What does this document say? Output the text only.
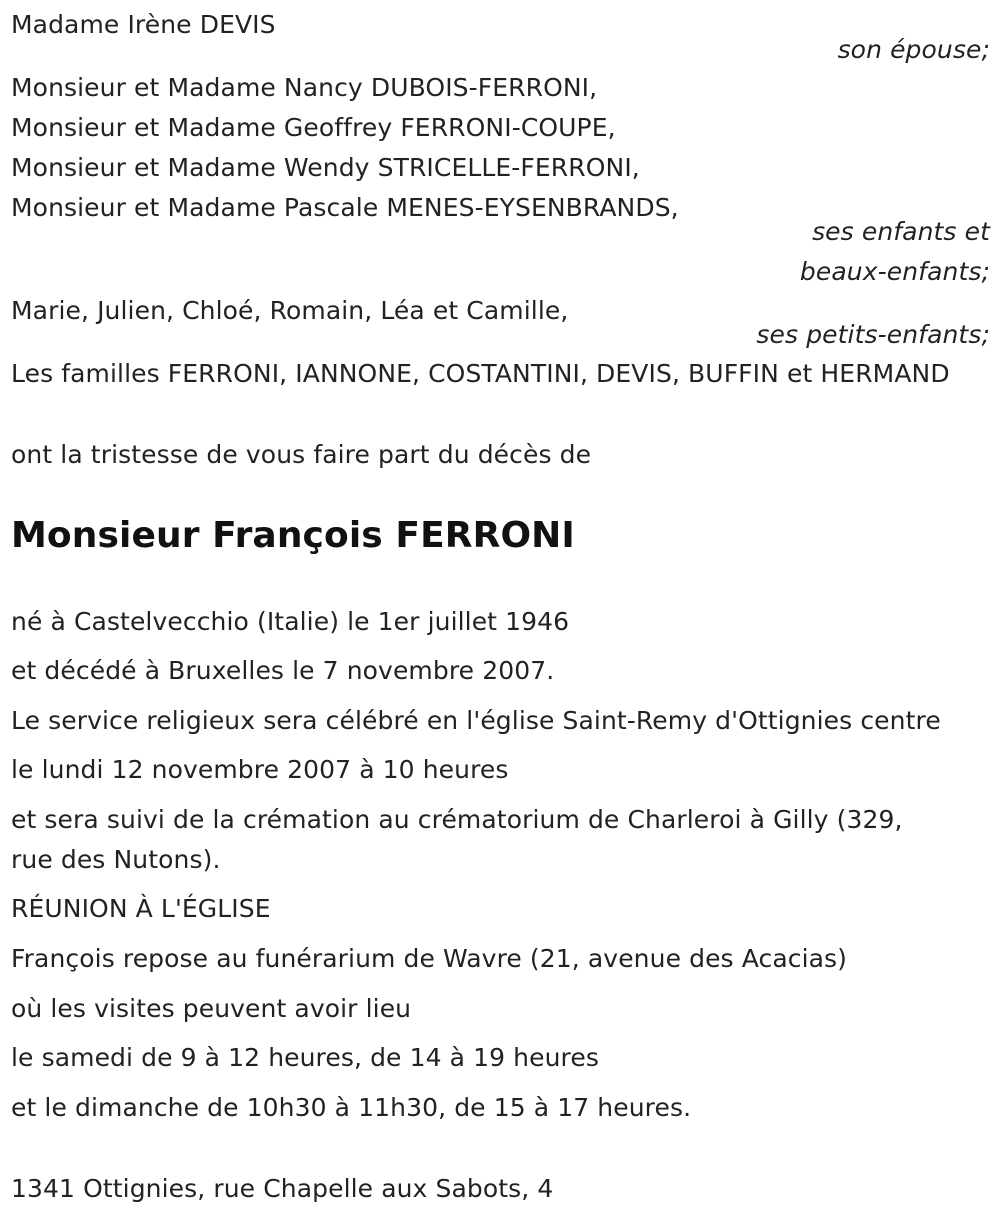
Madame Irène DEVIS
son épouse;
Monsieur et Madame Nancy DUBOIS-FERRONI,
Monsieur et Madame Geoffrey FERRONI-COUPE,
Monsieur et Madame Wendy STRICELLE-FERRONI,
Monsieur et Madame Pascale MENES-EYSENBRANDS,
ses enfants et
beaux-enfants;
Marie, Julien, Chloé, Romain, Léa et Camille,
ses petits-enfants;
Les familles FERRONI, IANNONE, COSTANTINI, DEVIS, BUFFIN et HERMAND
ont la tristesse de vous faire part du décès de
Monsieur François FERRONI
né à Castelvecchio (Italie) le 1er juillet 1946
et décédé à Bruxelles le 7 novembre 2007.
Le service religieux sera célébré en l'église Saint-Remy d'Ottignies centre
le lundi 12 novembre 2007 à 10 heures
et sera suivi de la crémation au crématorium de Charleroi à Gilly (329,
rue des Nutons).
RÉUNION À L'ÉGLISE
François repose au funérarium de Wavre (21, avenue des Acacias)
où les visites peuvent avoir lieu
le samedi de 9 à 12 heures, de 14 à 19 heures
et le dimanche de 10h30 à 11h30, de 15 à 17 heures.
1341 Ottignies, rue Chapelle aux Sabots, 4
